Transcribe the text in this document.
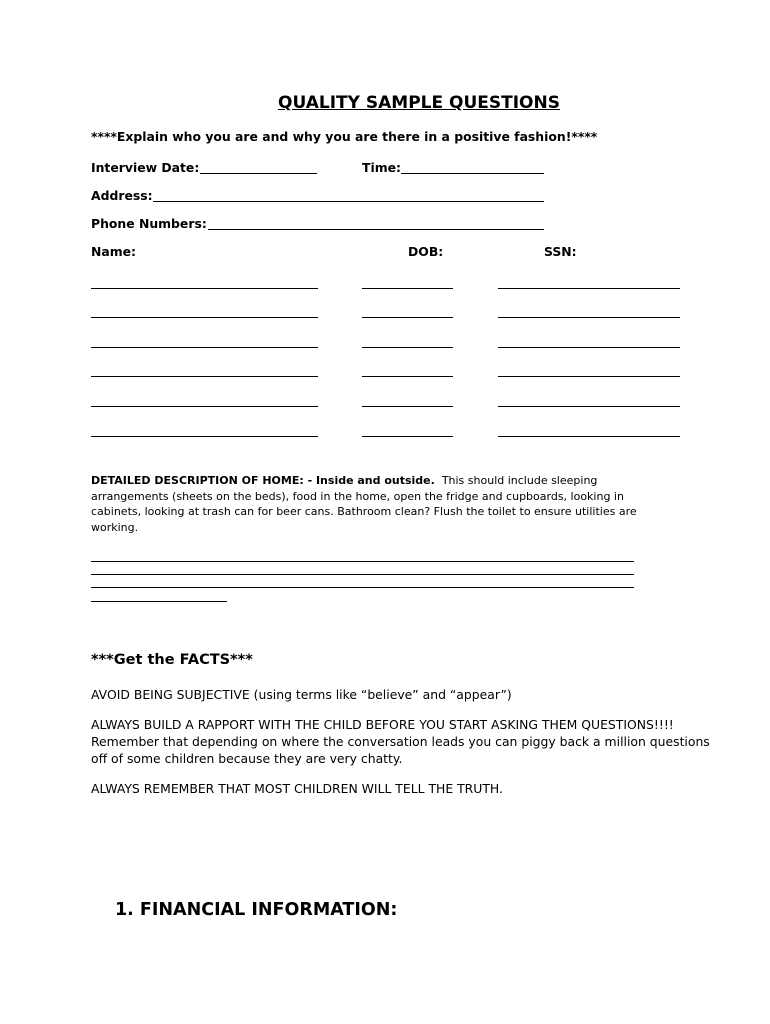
QUALITY SAMPLE QUESTIONS
****Explain who you are and why you are there in a positive fashion!****
Interview Date:	Time:
Address:
Phone Numbers:
Name:	DOB:	SSN:
DETAILED DESCRIPTION OF HOME: - Inside and outside. This should include sleeping arrangements (sheets on the beds), food in the home, open the fridge and cupboards, looking in cabinets, looking at trash can for beer cans. Bathroom clean? Flush the toilet to ensure utilities are working.
***Get the FACTS***
AVOID BEING SUBJECTIVE (using terms like “believe” and “appear”)
ALWAYS BUILD A RAPPORT WITH THE CHILD BEFORE YOU START ASKING THEM QUESTIONS!!!! Remember that depending on where the conversation leads you can piggy back a million questions off of some children because they are very chatty.
ALWAYS REMEMBER THAT MOST CHILDREN WILL TELL THE TRUTH.
1. FINANCIAL INFORMATION:
